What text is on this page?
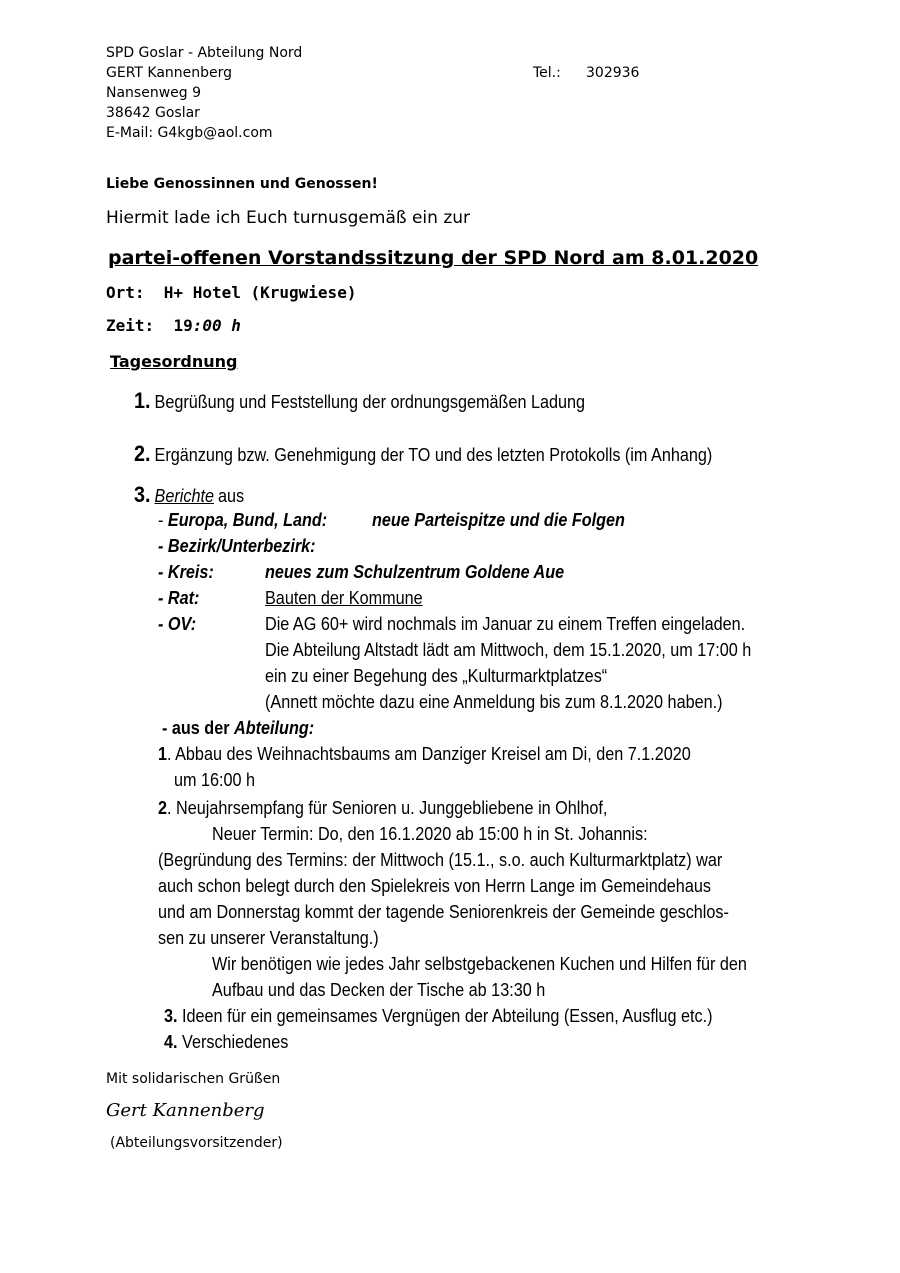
SPD Goslar - Abteilung Nord
GERT Kannenberg	Tel.: 302936
Nansenweg 9
38642 Goslar
E-Mail: G4kgb@aol.com
Liebe Genossinnen und Genossen!
Hiermit lade ich Euch turnusgemäß ein zur
partei-offenen Vorstandssitzung der SPD Nord am 8.01.2020
Ort: H+ Hotel (Krugwiese)
Zeit: 19:00 h
Tagesordnung
1. Begrüßung und Feststellung der ordnungsgemäßen Ladung
2. Ergänzung bzw. Genehmigung der TO und des letzten Protokolls (im Anhang)
3. Berichte aus
- Europa, Bund, Land: neue Parteispitze und die Folgen
- Bezirk/Unterbezirk:
- Kreis:	neues zum Schulzentrum Goldene Aue
- Rat:	Bauten der Kommune
- OV:	Die AG 60+ wird nochmals im Januar zu einem Treffen eingeladen.
Die Abteilung Altstadt lädt am Mittwoch, dem 15.1.2020, um 17:00 h
ein zu einer Begehung des „Kulturmarktplatzes“
(Annett möchte dazu eine Anmeldung bis zum 8.1.2020 haben.)
- aus der Abteilung:
1. Abbau des Weihnachtsbaums am Danziger Kreisel am Di, den 7.1.2020
um 16:00 h
2. Neujahrsempfang für Senioren u. Junggebliebene in Ohlhof,
Neuer Termin: Do, den 16.1.2020 ab 15:00 h in St. Johannis:
(Begründung des Termins: der Mittwoch (15.1., s.o. auch Kulturmarktplatz) war
auch schon belegt durch den Spielekreis von Herrn Lange im Gemeindehaus
und am Donnerstag kommt der tagende Seniorenkreis der Gemeinde geschlos-
sen zu unserer Veranstaltung.)
Wir benötigen wie jedes Jahr selbstgebackenen Kuchen und Hilfen für den
Aufbau und das Decken der Tische ab 13:30 h
3. Ideen für ein gemeinsames Vergnügen der Abteilung (Essen, Ausflug etc.)
4. Verschiedenes
Mit solidarischen Grüßen
Gert Kannenberg
(Abteilungsvorsitzender)
